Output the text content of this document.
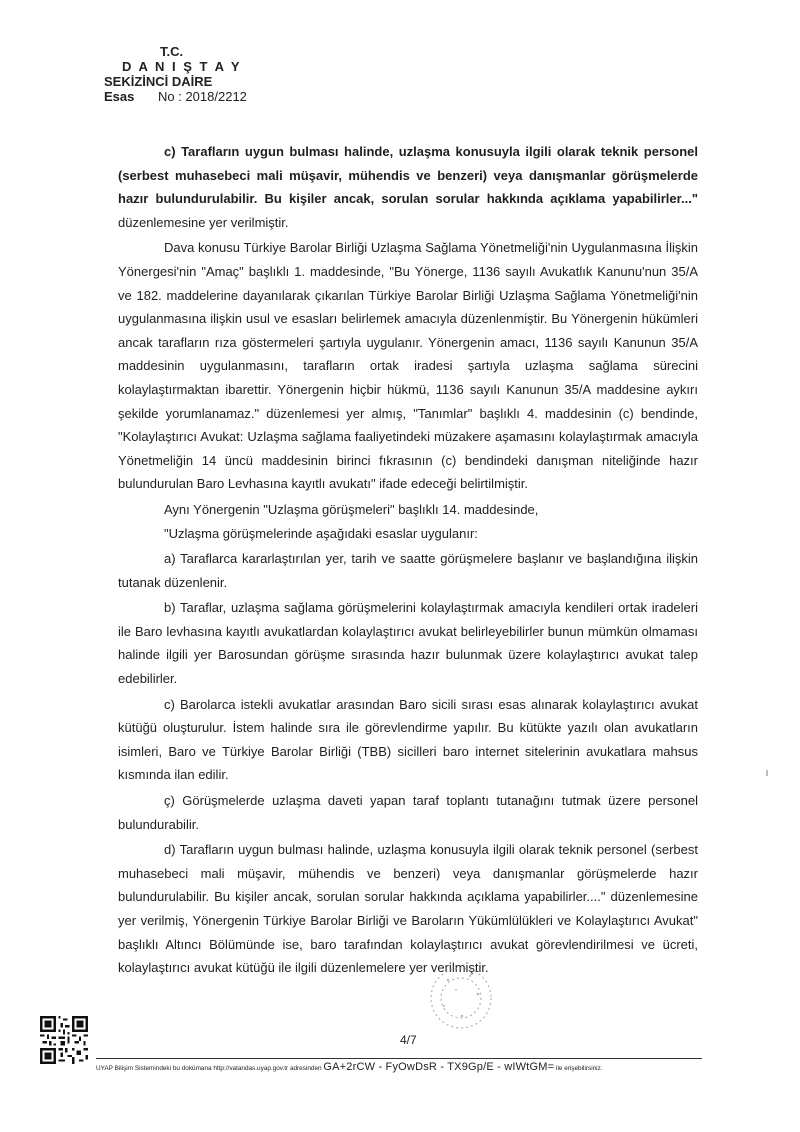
T.C.
D A N I Ş T A Y
SEKİZİNCİ DAİRE
Esas No : 2018/2212

c) Tarafların uygun bulması halinde, uzlaşma konusuyla ilgili olarak teknik personel (serbest muhasebeci mali müşavir, mühendis ve benzeri) veya danışmanlar görüşmelerde hazır bulundurulabilir. Bu kişiler ancak, sorulan sorular hakkında açıklama yapabilirler..." düzenlemesine yer verilmiştir.

Dava konusu Türkiye Barolar Birliği Uzlaşma Sağlama Yönetmeliği'nin Uygulanmasına İlişkin Yönergesi'nin "Amaç" başlıklı 1. maddesinde, "Bu Yönerge, 1136 sayılı Avukatlık Kanunu'nun 35/A ve 182. maddelerine dayanılarak çıkarılan Türkiye Barolar Birliği Uzlaşma Sağlama Yönetmeliği'nin uygulanmasına ilişkin usul ve esasları belirlemek amacıyla düzenlenmiştir. Bu Yönergenin hükümleri ancak tarafların rıza göstermeleri şartıyla uygulanır. Yönergenin amacı, 1136 sayılı Kanunun 35/A maddesinin uygulanmasını, tarafların ortak iradesi şartıyla uzlaşma sağlama sürecini kolaylaştırmaktan ibarettir. Yönergenin hiçbir hükmü, 1136 sayılı Kanunun 35/A maddesine aykırı şekilde yorumlanamaz." düzenlemesi yer almış, "Tanımlar" başlıklı 4. maddesinin (c) bendinde, "Kolaylaştırıcı Avukat: Uzlaşma sağlama faaliyetindeki müzakere aşamasını kolaylaştırmak amacıyla Yönetmeliğin 14 üncü maddesinin birinci fıkrasının (c) bendindeki danışman niteliğinde hazır bulundurulan Baro Levhasına kayıtlı avukatı" ifade edeceği belirtilmiştir.

Aynı Yönergenin "Uzlaşma görüşmeleri" başlıklı 14. maddesinde,

"Uzlaşma görüşmelerinde aşağıdaki esaslar uygulanır:

a) Taraflarca kararlaştırılan yer, tarih ve saatte görüşmelere başlanır ve başlandığına ilişkin tutanak düzenlenir.

b) Taraflar, uzlaşma sağlama görüşmelerini kolaylaştırmak amacıyla kendileri ortak iradeleri ile Baro levhasına kayıtlı avukatlardan kolaylaştırıcı avukat belirleyebilirler bunun mümkün olmaması halinde ilgili yer Barosundan görüşme sırasında hazır bulunmak üzere kolaylaştırıcı avukat talep edebilirler.

c) Barolarca istekli avukatlar arasından Baro sicili sırası esas alınarak kolaylaştırıcı avukat kütüğü oluşturulur. İstem halinde sıra ile görevlendirme yapılır. Bu kütükte yazılı olan avukatların isimleri, Baro ve Türkiye Barolar Birliği (TBB) sicilleri baro internet sitelerinin avukatlara mahsus kısmında ilan edilir.

ç) Görüşmelerde uzlaşma daveti yapan taraf toplantı tutanağını tutmak üzere personel bulundurabilir.

d) Tarafların uygun bulması halinde, uzlaşma konusuyla ilgili olarak teknik personel (serbest muhasebeci mali müşavir, mühendis ve benzeri) veya danışmanlar görüşmelerde hazır bulundurulabilir. Bu kişiler ancak, sorulan sorular hakkında açıklama yapabilirler...." düzenlemesine yer verilmiş, Yönergenin Türkiye Barolar Birliği ve Baroların Yükümlülükleri ve Kolaylaştırıcı Avukat" başlıklı Altıncı Bölümünde ise, baro tarafından kolaylaştırıcı avukat görevlendirilmesi ve ücreti, kolaylaştırıcı avukat kütüğü ile ilgili düzenlemelere yer verilmiştir.

4/7
UYAP Bilişim Sistemindeki bu dokümana http://vatandas.uyap.gov.tr adresinden GA+2rCW - FyOwDsR - TX9Gp/E - wIWtGM= ile erişebilirsiniz.
